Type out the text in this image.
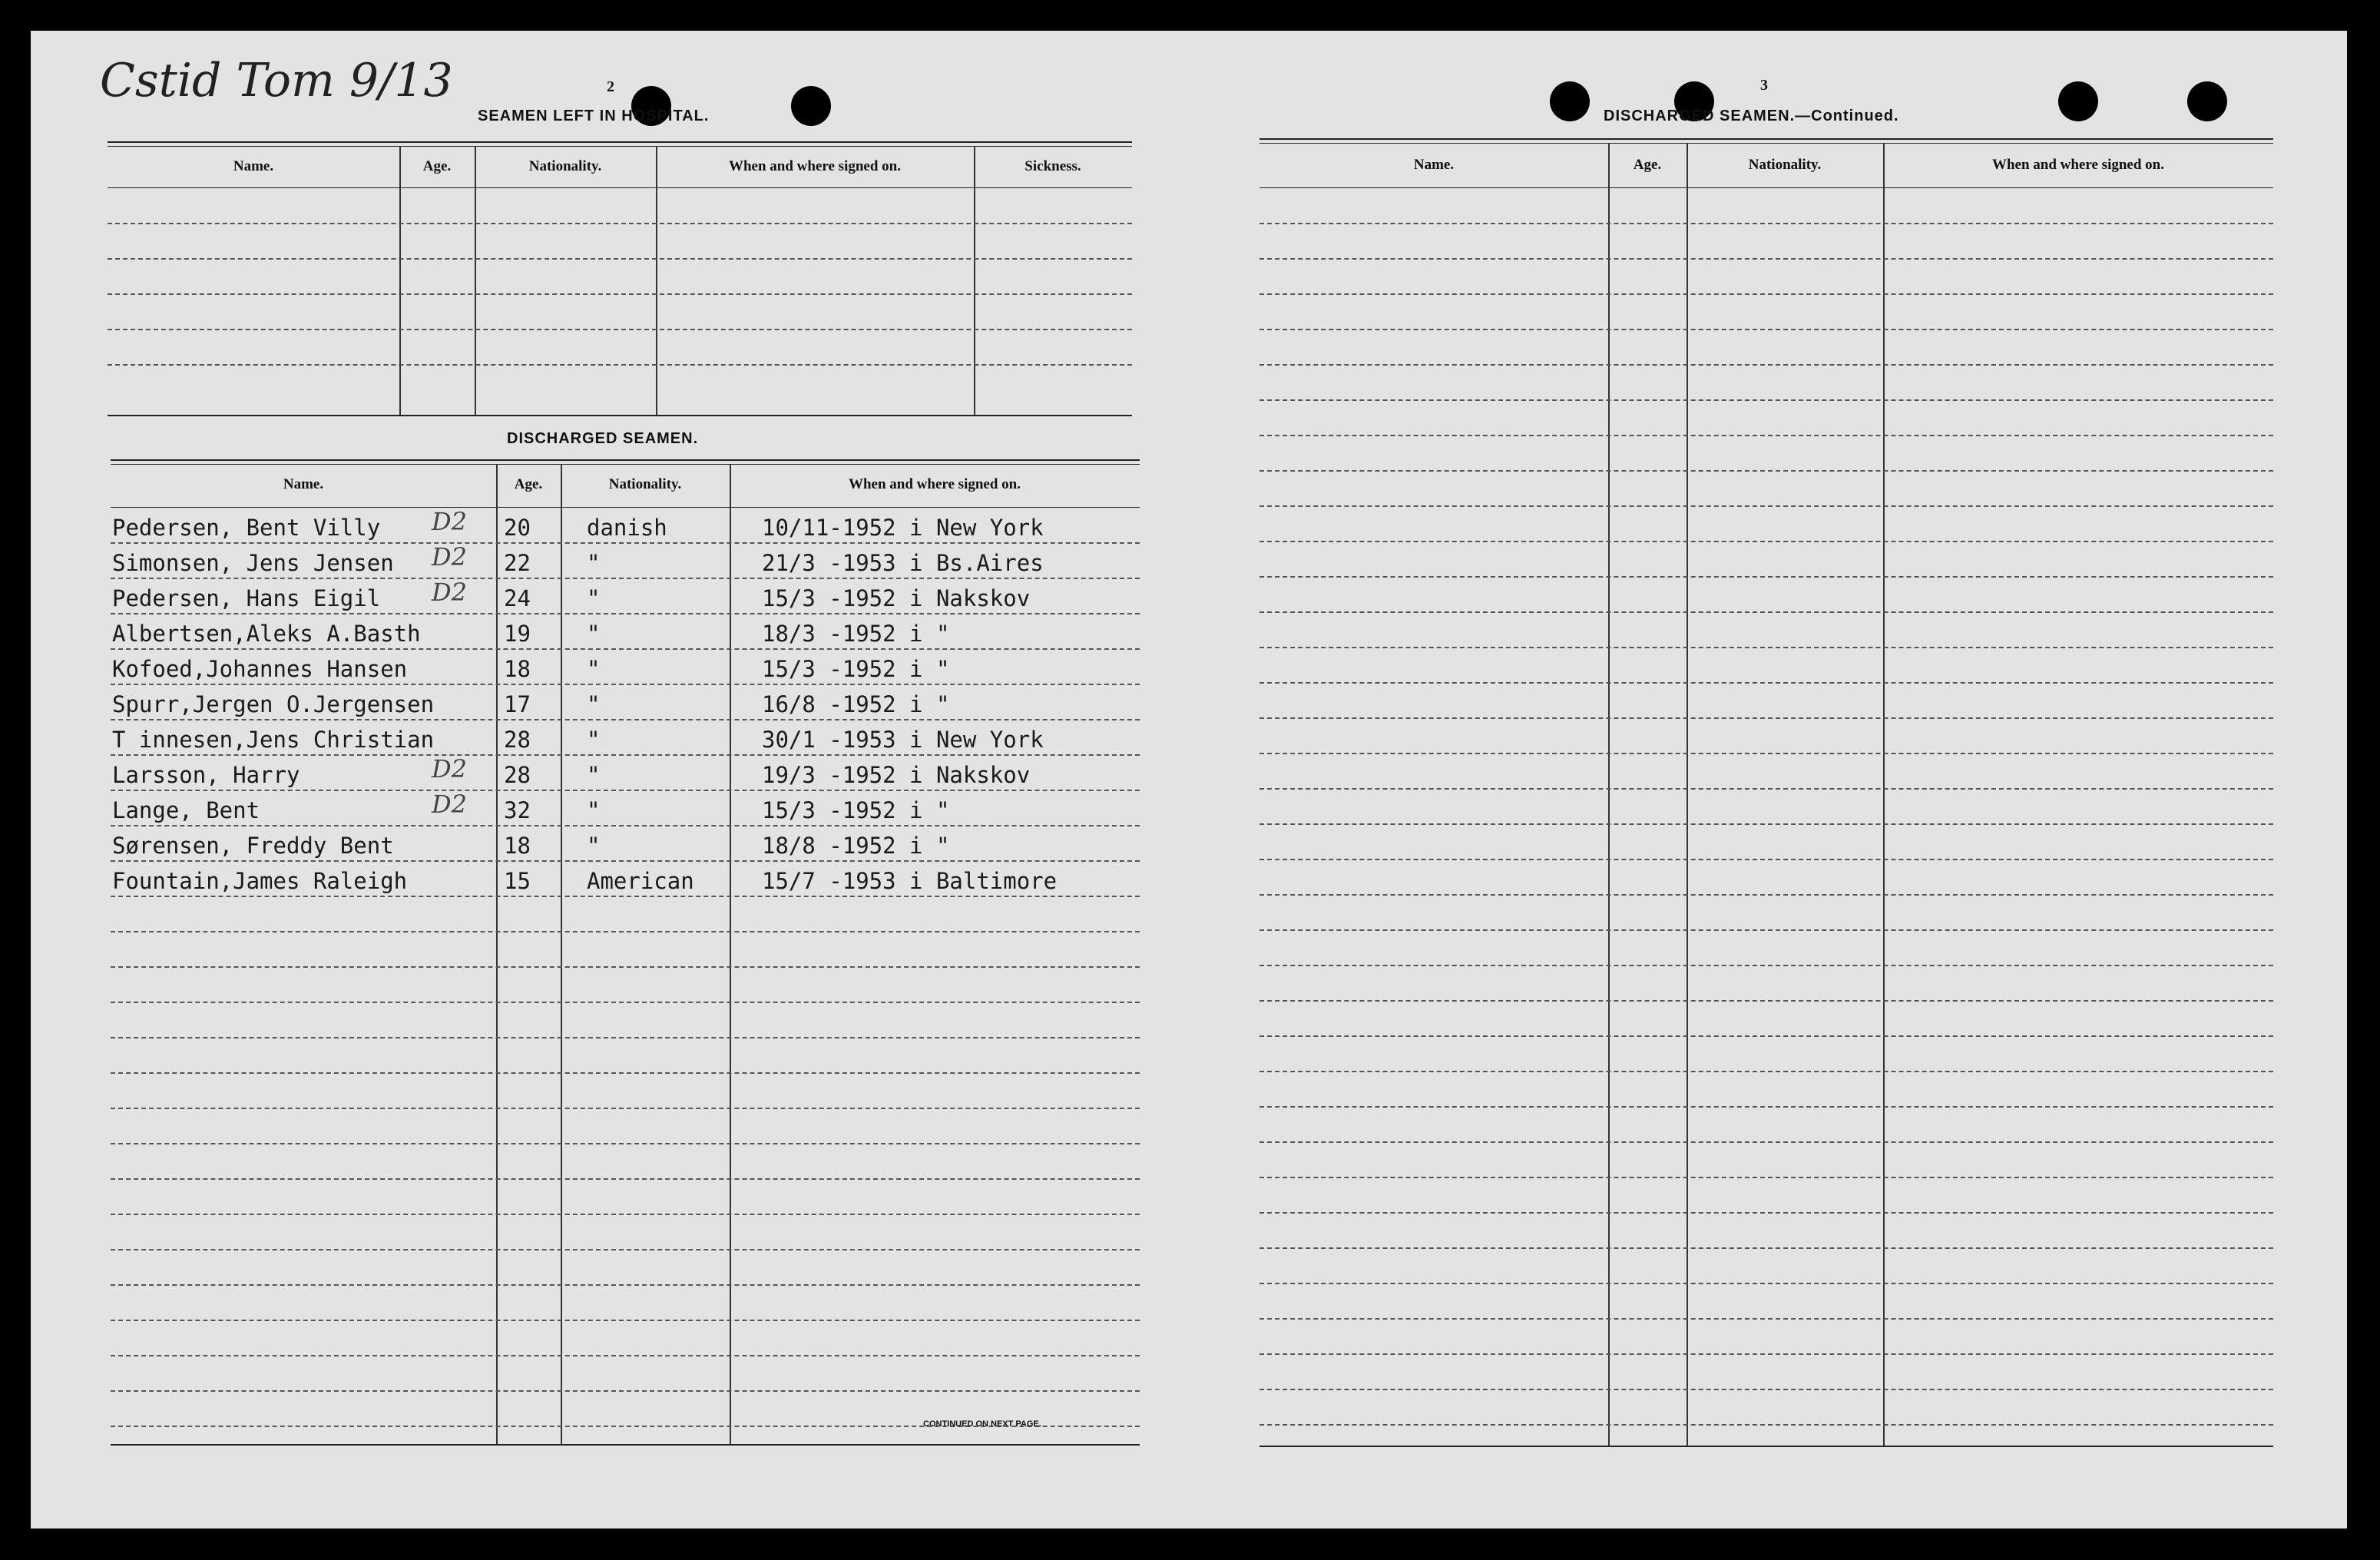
Cstid Tom 9/13	2
SEAMEN LEFT IN HOSPITAL.
Name.	Age.	Nationality.	When and where signed on.	Sickness.
DISCHARGED SEAMEN.
Name.	Age.	Nationality.	When and where signed on.
Pedersen, Bent Villy	20	danish	10/11-1952 i New York
D2
Simonsen, Jens Jensen	22	"	21/3 -1953 i Bs.Aires
D2
Pedersen, Hans Eigil	24	"	15/3 -1952 i Nakskov
D2
Albertsen,Aleks A.Basth	19	"	18/3 -1952 i "
Kofoed,Johannes Hansen	18	"	15/3 -1952 i "
Spurr,Jergen O.Jergensen	17	"	16/8 -1952 i "
T innesen,Jens Christian	28	"	30/1 -1953 i New York
Larsson, Harry	28	"	19/3 -1952 i Nakskov
D2
Lange, Bent	32	"	15/3 -1952 i "
D2
Sørensen, Freddy Bent	18	"	18/8 -1952 i "
Fountain,James Raleigh	15	American	15/7 -1953 i Baltimore
CONTINUED ON NEXT PAGE.
3
DISCHARGED SEAMEN.—Continued.
Name.	Age.	Nationality.	When and where signed on.
